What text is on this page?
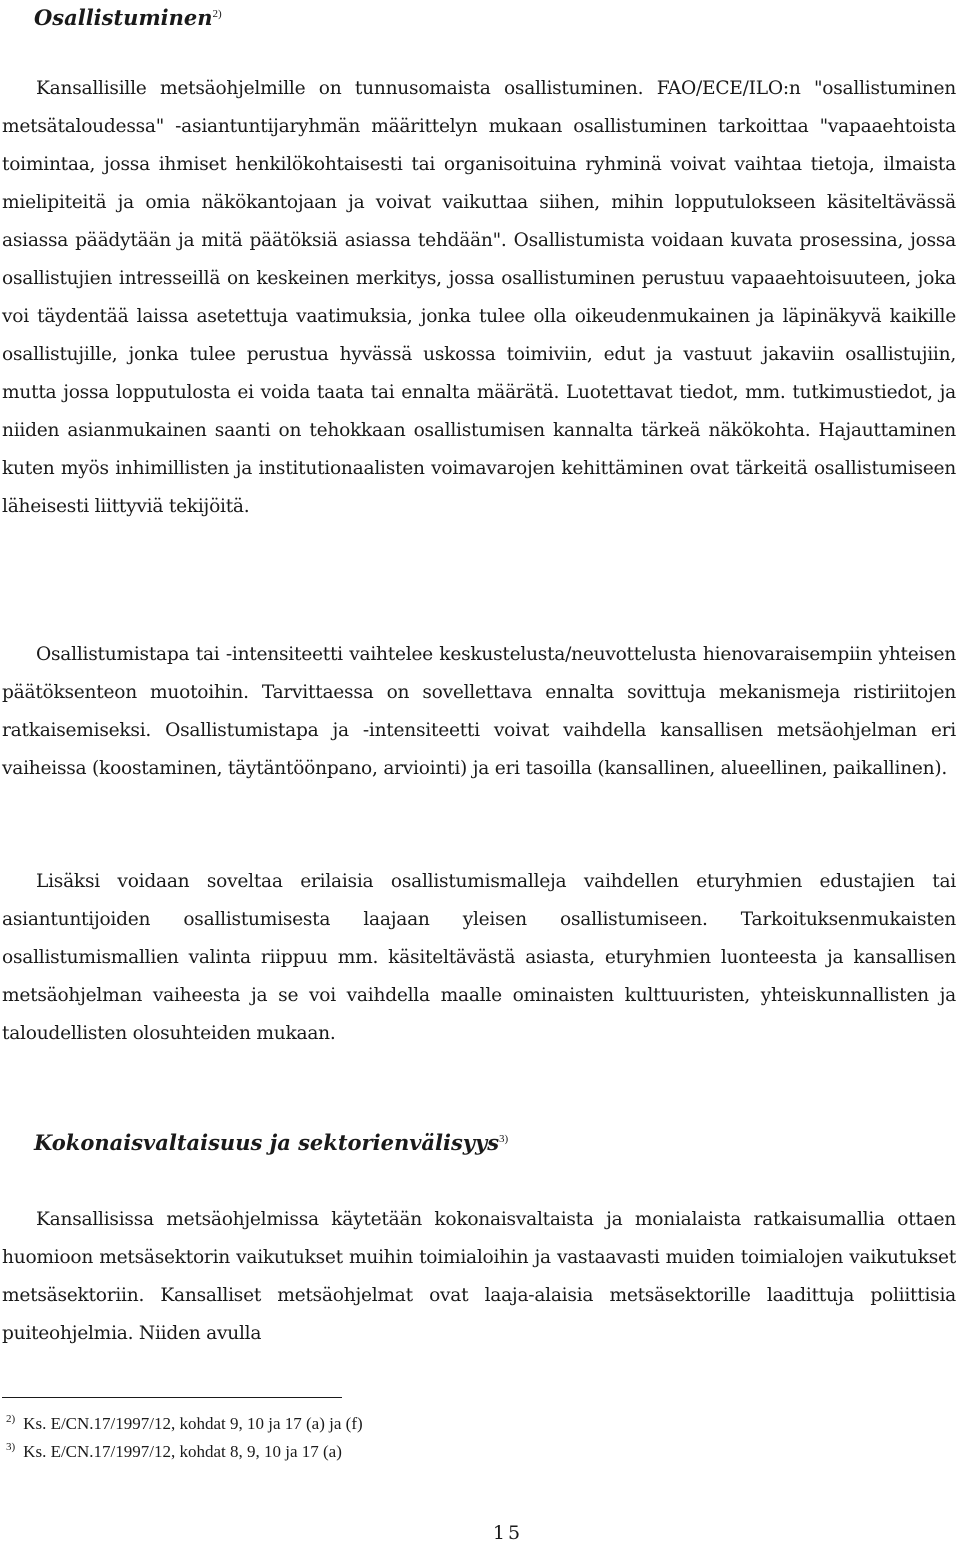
Osallistuminen$^{2)}$

Kansallisille metsäohjelmille on tunnusomaista osallistuminen. FAO/ECE/ILO:n "osallistuminen metsätaloudessa" -asiantuntijaryhmän määrittelyn mukaan osallistuminen tarkoittaa "vapaaehtoista toimintaa, jossa ihmiset henkilökohtaisesti tai organisoituina ryhminä voivat vaihtaa tietoja, ilmaista mielipiteitä ja omia näkökantojaan ja voivat vaikuttaa siihen, mihin lopputulokseen käsiteltävässä asiassa päädytään ja mitä päätöksiä asiassa tehdään". Osallistumista voidaan kuvata prosessina, jossa osallistujien intresseillä on keskeinen merkitys, jossa osallistuminen perustuu vapaaehtoisuuteen, joka voi täydentää laissa asetettuja vaatimuksia, jonka tulee olla oikeudenmukainen ja läpinäkyvä kaikille osallistujille, jonka tulee perustua hyvässä uskossa toimiviin, edut ja vastuut jakaviin osallistujiin, mutta jossa lopputulosta ei voida taata tai ennalta määrätä. Luotettavat tiedot, mm. tutkimustiedot, ja niiden asianmukainen saanti on tehokkaan osallistumisen kannalta tärkeä näkökohta. Hajauttaminen kuten myös inhimillisten ja institutionaalisten voimavarojen kehittäminen ovat tärkeitä osallistumiseen läheisesti liittyviä tekijöitä.

Osallistumistapa tai -intensiteetti vaihtelee keskustelusta/neuvottelusta hienovaraisempiin yhteisen päätöksenteon muotoihin. Tarvittaessa on sovellettava ennalta sovittuja mekanismeja ristiriitojen ratkaisemiseksi. Osallistumistapa ja -intensiteetti voivat vaihdella kansallisen metsäohjelman eri vaiheissa (koostaminen, täytäntöönpano, arviointi) ja eri tasoilla (kansallinen, alueellinen, paikallinen).

Lisäksi voidaan soveltaa erilaisia osallistumismalleja vaihdellen eturyhmien edustajien tai asiantuntijoiden osallistumisesta laajaan yleisen osallistumiseen. Tarkoituksenmukaisten osallistumismallien valinta riippuu mm. käsiteltävästä asiasta, eturyhmien luonteesta ja kansallisen metsäohjelman vaiheesta ja se voi vaihdella maalle ominaisten kulttuuristen, yhteiskunnallisten ja taloudellisten olosuhteiden mukaan.

Kokonaisvaltaisuus ja sektorienvälisyys$^{3)}$

Kansallisissa metsäohjelmissa käytetään kokonaisvaltaista ja monialaista ratkaisumallia ottaen huomioon metsäsektorin vaikutukset muihin toimialoihin ja vastaavasti muiden toimialojen vaikutukset metsäsektoriin. Kansalliset metsäohjelmat ovat laaja-alaisia metsäsektorille laadittuja poliittisia puiteohjelmia. Niiden avulla

$^{2)}$ Ks. E/CN.17/1997/12, kohdat 9, 10 ja 17 (a) ja (f)
$^{3)}$ Ks. E/CN.17/1997/12, kohdat 8, 9, 10 ja 17 (a)
15
